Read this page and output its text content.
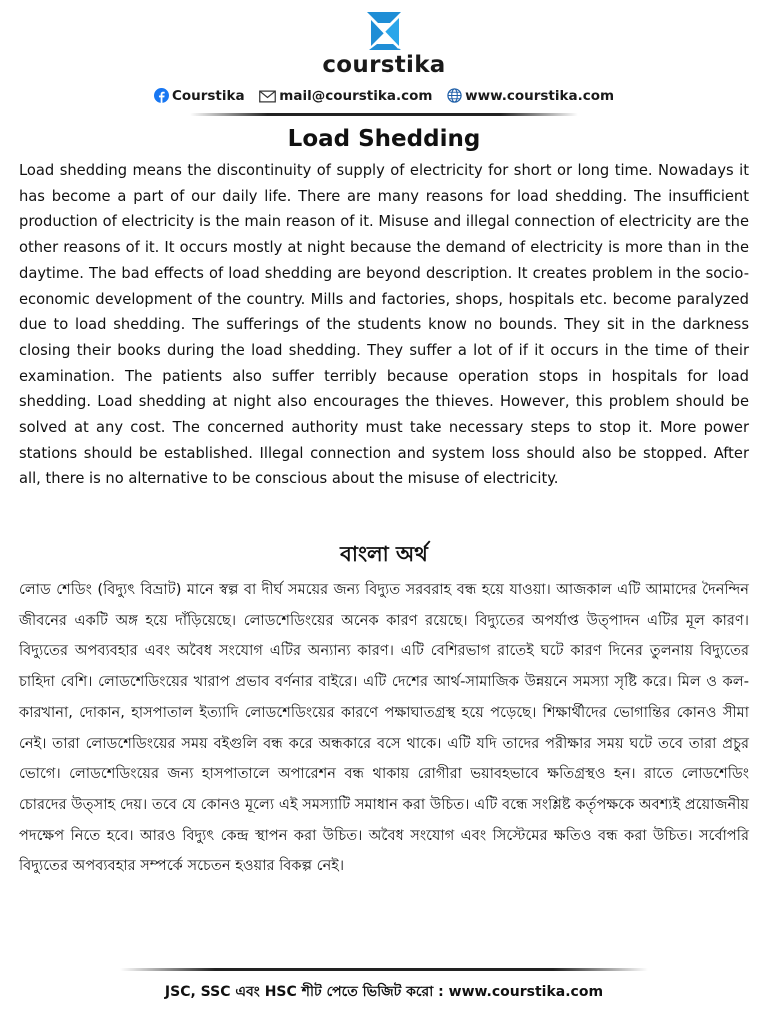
courstika
Courstika	mail@courstika.com www.courstika.com
Load Shedding

Load shedding means the discontinuity of supply of electricity for short or long time. Nowadays it has become a part of our daily life. There are many reasons for load shedding. The insufficient production of electricity is the main reason of it. Misuse and illegal connection of electricity are the other reasons of it. It occurs mostly at night because the demand of electricity is more than in the daytime. The bad effects of load shedding are beyond description. It creates problem in the socio-economic development of the country. Mills and factories, shops, hospitals etc. become paralyzed due to load shedding. The sufferings of the students know no bounds. They sit in the darkness closing their books during the load shedding. They suffer a lot of if it occurs in the time of their examination. The patients also suffer terribly because operation stops in hospitals for load shedding. Load shedding at night also encourages the thieves. However, this problem should be solved at any cost. The concerned authority must take necessary steps to stop it. More power stations should be established. Illegal connection and system loss should also be stopped. After all, there is no alternative to be conscious about the misuse of electricity.

বাংলা অর্থ

লোড শেডিং (বিদ্যুৎ বিভ্রাট) মানে স্বল্প বা দীর্ঘ সময়ের জন্য বিদ্যুত সরবরাহ বন্ধ হয়ে যাওয়া। আজকাল এটি আমাদের দৈনন্দিন জীবনের একটি অঙ্গ হয়ে দাঁড়িয়েছে। লোডশেডিংয়ের অনেক কারণ রয়েছে। বিদ্যুতের অপর্যাপ্ত উত্পাদন এটির মূল কারণ। বিদ্যুতের অপব্যবহার এবং অবৈধ সংযোগ এটির অন্যান্য কারণ। এটি বেশিরভাগ রাতেই ঘটে কারণ দিনের তুলনায় বিদ্যুতের চাহিদা বেশি। লোডশেডিংয়ের খারাপ প্রভাব বর্ণনার বাইরে। এটি দেশের আর্থ-সামাজিক উন্নয়নে সমস্যা সৃষ্টি করে। মিল ও কল-কারখানা, দোকান, হাসপাতাল ইত্যাদি লোডশেডিংয়ের কারণে পক্ষাঘাতগ্রস্থ হয়ে পড়েছে। শিক্ষার্থীদের ভোগান্তির কোনও সীমা নেই। তারা লোডশেডিংয়ের সময় বইগুলি বন্ধ করে অন্ধকারে বসে থাকে। এটি যদি তাদের পরীক্ষার সময় ঘটে তবে তারা প্রচুর ভোগে। লোডশেডিংয়ের জন্য হাসপাতালে অপারেশন বন্ধ থাকায় রোগীরা ভয়াবহভাবে ক্ষতিগ্রস্থও হন। রাতে লোডশেডিং চোরদের উত্সাহ দেয়। তবে যে কোনও মূল্যে এই সমস্যাটি সমাধান করা উচিত। এটি বন্ধে সংশ্লিষ্ট কর্তৃপক্ষকে অবশ্যই প্রয়োজনীয় পদক্ষেপ নিতে হবে। আরও বিদ্যুৎ কেন্দ্র স্থাপন করা উচিত। অবৈধ সংযোগ এবং সিস্টেমের ক্ষতিও বন্ধ করা উচিত। সর্বোপরি বিদ্যুতের অপব্যবহার সম্পর্কে সচেতন হওয়ার বিকল্প নেই।

JSC, SSC এবং HSC শীট পেতে ভিজিট করো : www.courstika.com
